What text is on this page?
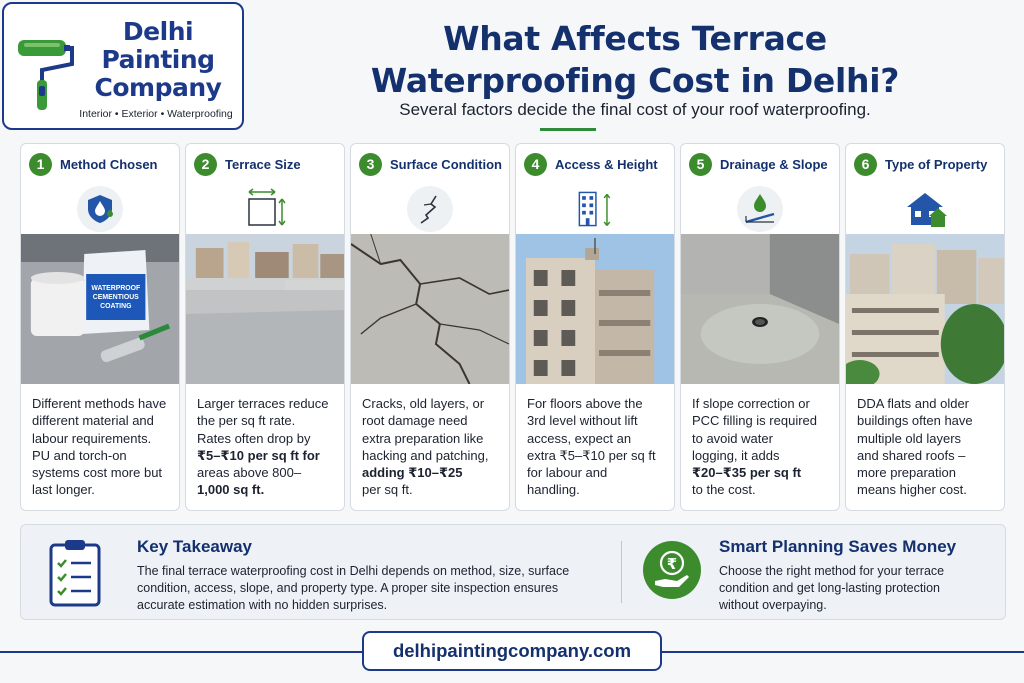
Delhi
Painting
Company
Interior • Exterior • Waterproofing
What Affects Terrace
Waterproofing Cost in Delhi?
Several factors decide the final cost of your roof waterproofing.
1	Method Chosen
WATERPROOF
CEMENTIOUS
COATING
Different methods have
different material and
labour requirements.
PU and torch-on
systems cost more but
last longer.
2	Terrace Size
Larger terraces reduce
the per sq ft rate.
Rates often drop by
₹5–₹10 per sq ft for
areas above 800–
1,000 sq ft.
3	Surface Condition
Cracks, old layers, or
root damage need
extra preparation like
hacking and patching,
adding ₹10–₹25
per sq ft.
4	Access & Height
For floors above the
3rd level without lift
access, expect an
extra ₹5–₹10 per sq ft
for labour and
handling.
5	Drainage & Slope
If slope correction or
PCC filling is required
to avoid water
logging, it adds
₹20–₹35 per sq ft
to the cost.
6	Type of Property
DDA flats and older
buildings often have
multiple old layers
and shared roofs –
more preparation
means higher cost.
Key Takeaway
The final terrace waterproofing cost in Delhi depends on method, size, surface
condition, access, slope, and property type. A proper site inspection ensures
accurate estimation with no hidden surprises.
₹
Smart Planning Saves Money
Choose the right method for your terrace
condition and get long-lasting protection
without overpaying.
delhipaintingcompany.com
